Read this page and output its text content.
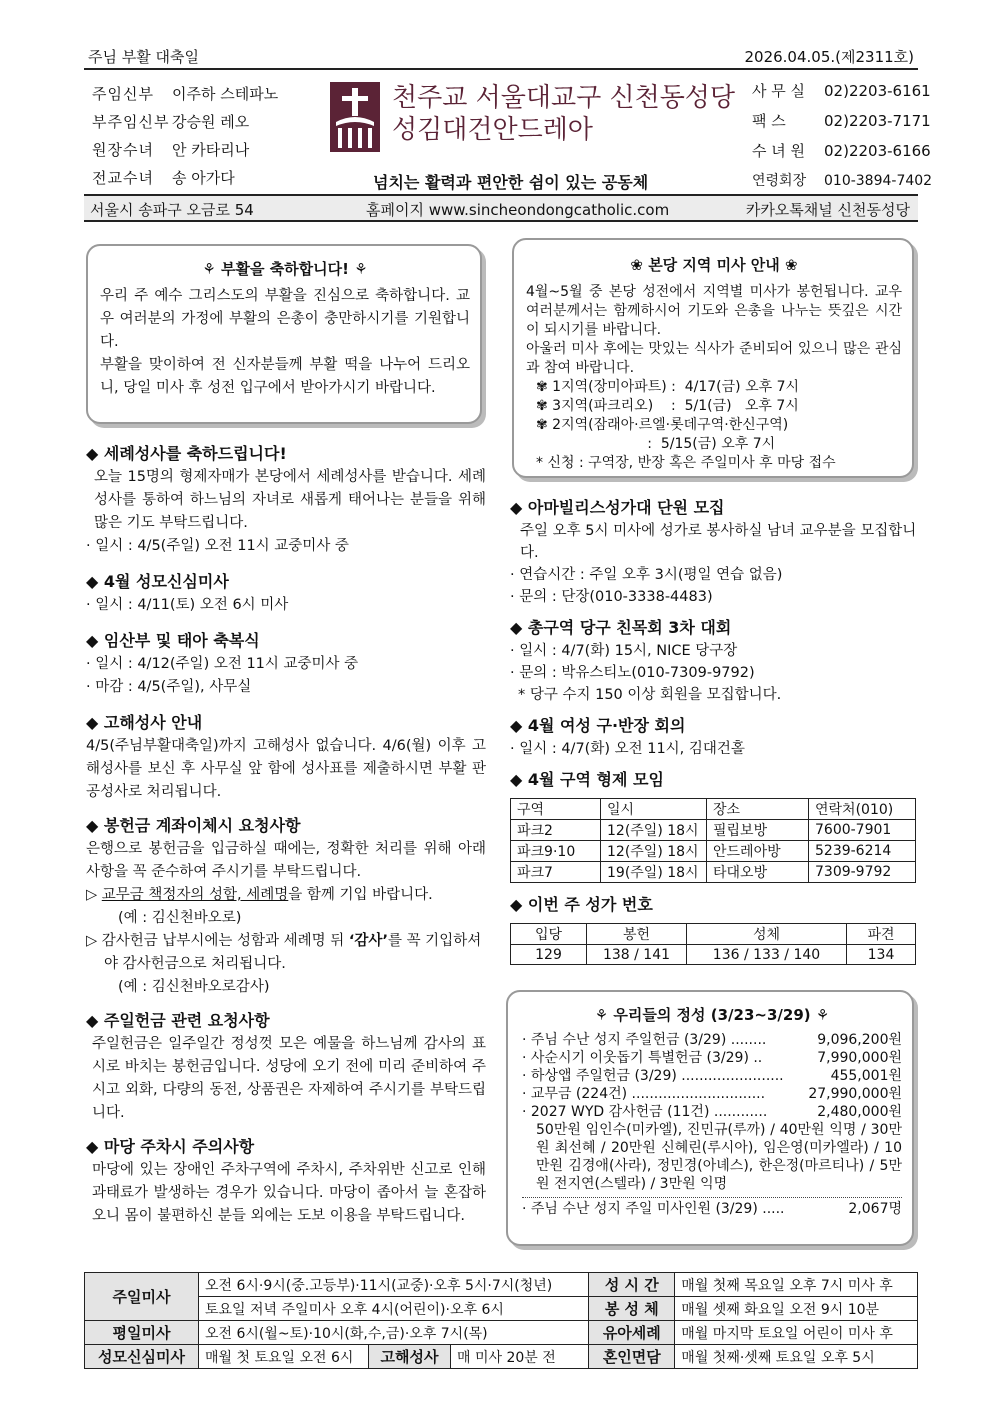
주님 부활 대축일	2026.04.05.(제2311호)
주임신부 이주하 스테파노
부주임신부 강승원 레오
원장수녀 안 카타리나
전교수녀 송 아가다
천주교 서울대교구 신천동성당
성김대건안드레아
넘치는 활력과 편안한 쉼이 있는 공동체
사 무 실 02)2203-6161
팩 스	02)2203-7171
수 녀 원 02)2203-6166
연령회장 010-3894-7402
서울시 송파구 오금로 54	홈페이지 www.sincheondongcatholic.com	카카오톡채널 신천동성당
⚘ 부활을 축하합니다! ⚘
우리 주 예수 그리스도의 부활을 진심으로 축하합니다. 교우 여러분의 가정에 부활의 은총이 충만하시기를 기원합니다.
부활을 맞이하여 전 신자분들께 부활 떡을 나누어 드리오니, 당일 미사 후 성전 입구에서 받아가시기 바랍니다.
◆ 세례성사를 축하드립니다!
오늘 15명의 형제자매가 본당에서 세례성사를 받습니다. 세례성사를 통하여 하느님의 자녀로 새롭게 태어나는 분들을 위해 많은 기도 부탁드립니다.
· 일시 : 4/5(주일) 오전 11시 교중미사 중
◆ 4월 성모신심미사
· 일시 : 4/11(토) 오전 6시 미사
◆ 임산부 및 태아 축복식
· 일시 : 4/12(주일) 오전 11시 교중미사 중
· 마감 : 4/5(주일), 사무실
◆ 고해성사 안내
4/5(주님부활대축일)까지 고해성사 없습니다. 4/6(월) 이후 고해성사를 보신 후 사무실 앞 함에 성사표를 제출하시면 부활 판공성사로 처리됩니다.
◆ 봉헌금 계좌이체시 요청사항
은행으로 봉헌금을 입금하실 때에는, 정확한 처리를 위해 아래 사항을 꼭 준수하여 주시기를 부탁드립니다.
▷ 교무금 책정자의 성함, 세례명을 함께 기입 바랍니다.
(예 : 김신천바오로)
▷ 감사헌금 납부시에는 성함과 세례명 뒤 ‘감사’를 꼭 기입하셔야 감사헌금으로 처리됩니다.
(예 : 김신천바오로감사)
◆ 주일헌금 관련 요청사항
주일헌금은 일주일간 정성껏 모은 예물을 하느님께 감사의 표시로 바치는 봉헌금입니다. 성당에 오기 전에 미리 준비하여 주시고 외화, 다량의 동전, 상품권은 자제하여 주시기를 부탁드립니다.
◆ 마당 주차시 주의사항
마당에 있는 장애인 주차구역에 주차시, 주차위반 신고로 인해 과태료가 발생하는 경우가 있습니다. 마당이 좁아서 늘 혼잡하오니 몸이 불편하신 분들 외에는 도보 이용을 부탁드립니다.
❀ 본당 지역 미사 안내 ❀
4월~5월 중 본당 성전에서 지역별 미사가 봉헌됩니다. 교우 여러분께서는 함께하시어 기도와 은총을 나누는 뜻깊은 시간이 되시기를 바랍니다.
아울러 미사 후에는 맛있는 식사가 준비되어 있으니 많은 관심과 참여 바랍니다.
✾ 1지역(장미아파트) :  4/17(금) 오후 7시
✾ 3지역(파크리오)    :  5/1(금)   오후 7시
✾ 2지역(잠래아·르엘·롯데구역·한신구역)
:  5/15(금) 오후 7시
* 신청 : 구역장, 반장 혹은 주일미사 후 마당 접수
◆ 아마빌리스성가대 단원 모집
주일 오후 5시 미사에 성가로 봉사하실 남녀 교우분을 모집합니다.
· 연습시간 : 주일 오후 3시(평일 연습 없음)
· 문의 : 단장(010-3338-4483)
◆ 총구역 당구 친목회 3차 대회
· 일시 : 4/7(화) 15시, NICE 당구장
· 문의 : 박유스티노(010-7309-9792)
* 당구 수지 150 이상 회원을 모집합니다.
◆ 4월 여성 구·반장 회의
· 일시 : 4/7(화) 오전 11시, 김대건홀
◆ 4월 구역 형제 모임
구역	일시	장소	연락처(010)
파크2	12(주일) 18시	필립보방	7600-7901
파크9·10	12(주일) 18시	안드레아방	5239-6214
파크7	19(주일) 18시	타대오방	7309-9792
◆ 이번 주 성가 번호
입당	봉헌	성체	파견
129	138 / 141	136 / 133 / 140	134
⚘ 우리들의 정성 (3/23~3/29) ⚘
· 주님 수난 성지 주일헌금 (3/29) ........	9,096,200원
· 사순시기 이웃돕기 특별헌금 (3/29) ..	7,990,000원
· 하상앱 주일헌금 (3/29) .......................	455,001원
· 교무금 (224건) ..............................	27,990,000원
· 2027 WYD 감사헌금 (11건) ............	2,480,000원
50만원 임인수(미카엘), 진민규(루까) / 40만원 익명 / 30만원 최선혜 / 20만원 신혜린(루시아), 임은영(미카엘라) / 10만원 김경애(사라), 정민경(아녜스), 한은정(마르티나) / 5만원 전지연(스텔라) / 3만원 익명
· 주님 수난 성지 주일 미사인원 (3/29) .....	2,067명
주일미사	오전 6시·9시(중.고등부)·11시(교중)·오후 5시·7시(청년)			성 시 간	매월 첫째 목요일 오후 7시 미사 후
	토요일 저녁 주일미사 오후 4시(어린이)·오후 6시			봉 성 체	매월 셋째 화요일 오전 9시 10분
평일미사	오전 6시(월~토)·10시(화,수,금)·오후 7시(목)			유아세례	매월 마지막 토요일 어린이 미사 후
성모신심미사	매월 첫 토요일 오전 6시	고해성사	매 미사 20분 전	혼인면담	매월 첫째·셋째 토요일 오후 5시
